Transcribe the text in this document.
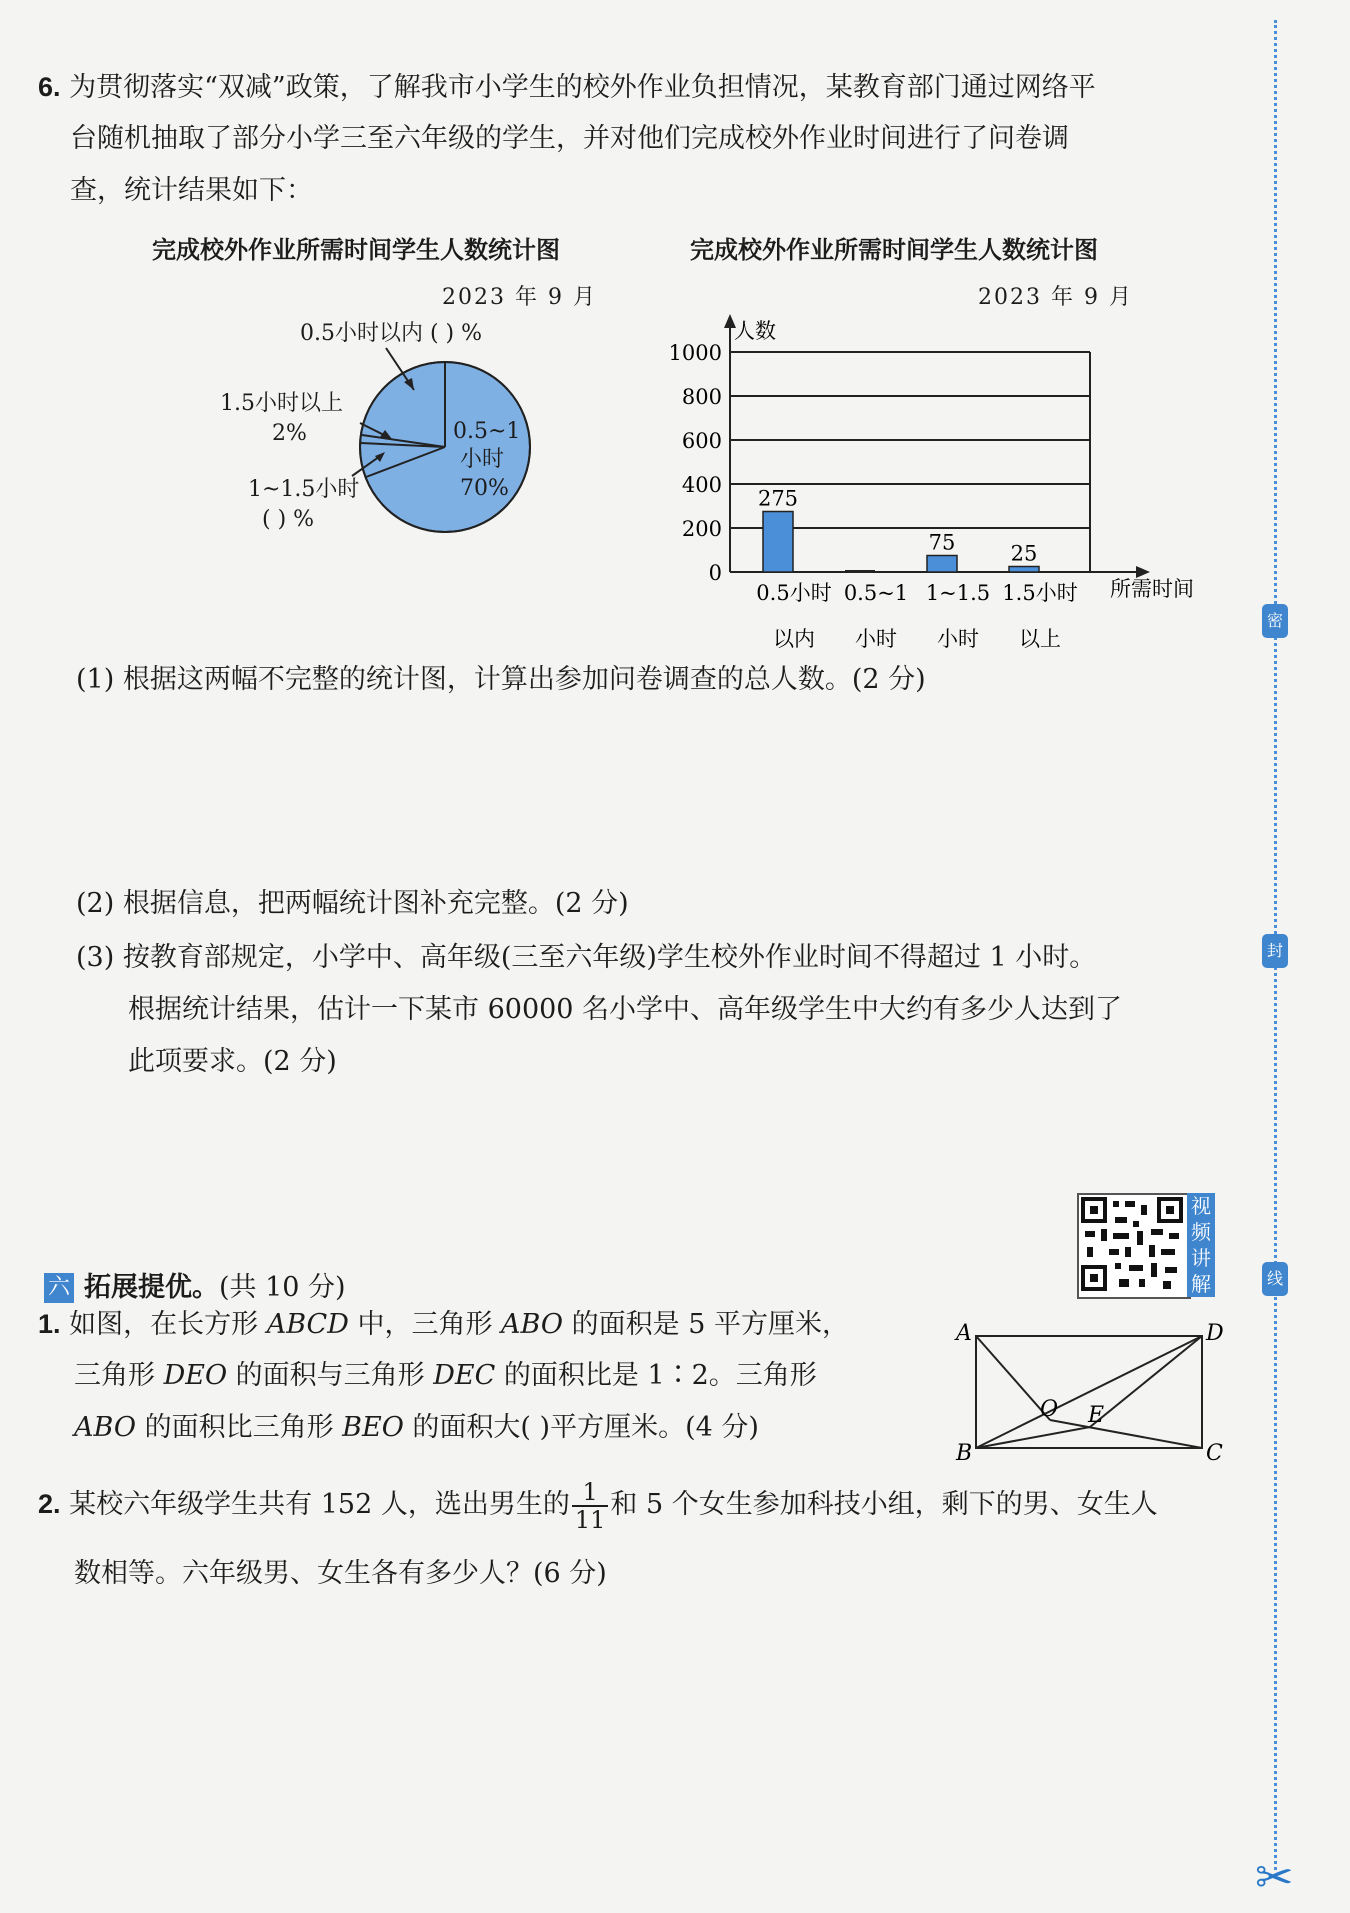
6. 为贯彻落实“双减”政策，了解我市小学生的校外作业负担情况，某教育部门通过网络平
台随机抽取了部分小学三至六年级的学生，并对他们完成校外作业时间进行了问卷调
查，统计结果如下：
完成校外作业所需时间学生人数统计图
2023 年 9 月
0.5小时以内 ( ) %
1.5小时以上
2%
1~1.5小时
( ) %
0.5~1
小时
70%
完成校外作业所需时间学生人数统计图
2023 年 9 月
0
200
400
600
800
1000
人数
所需时间
275
0.5小时
以内
0.5~1
小时
75
1~1.5
小时
25
1.5小时
以上
(1) 根据这两幅不完整的统计图，计算出参加问卷调查的总人数。(2 分)
(2) 根据信息，把两幅统计图补充完整。(2 分)
(3) 按教育部规定，小学中、高年级(三至六年级)学生校外作业时间不得超过 1 小时。
根据统计结果，估计一下某市 60000 名小学中、高年级学生中大约有多少人达到了
此项要求。(2 分)
视频讲解
六 拓展提优。(共 10 分)
1. 如图，在长方形 ABCD 中，三角形 ABO 的面积是 5 平方厘米，
三角形 DEO 的面积与三角形 DEC 的面积比是 1∶2。三角形
ABO 的面积比三角形 BEO 的面积大( )平方厘米。(4 分)
A	D
B	C
O E
2. 某校六年级学生共有 152 人，选出男生的 $\frac{1}{11}$ 和 5 个女生参加科技小组，剩下的男、女生人
数相等。六年级男、女生各有多少人？(6 分)
密
封
线
✂
